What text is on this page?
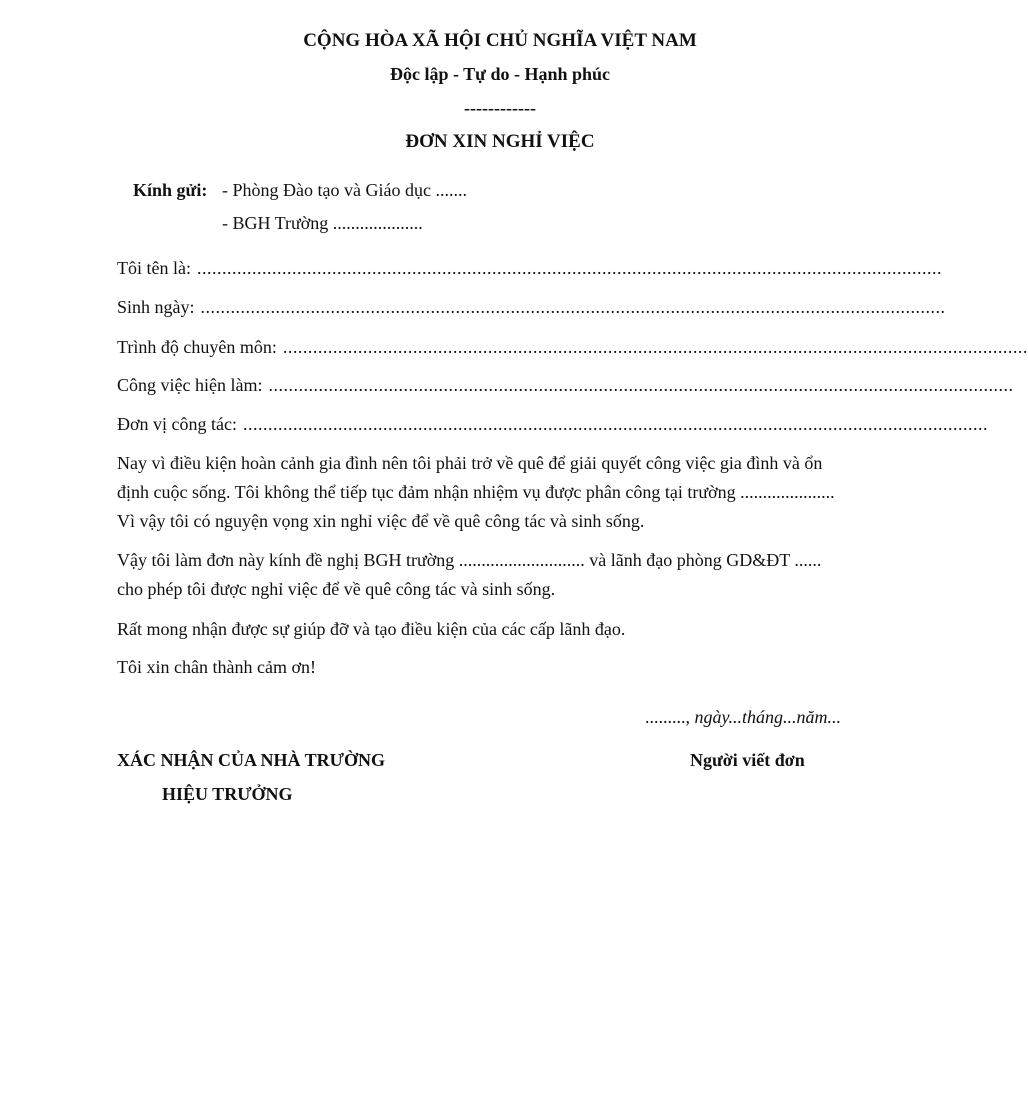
CỘNG HÒA XÃ HỘI CHỦ NGHĨA VIỆT NAM
Độc lập - Tự do - Hạnh phúc
------------
ĐƠN XIN NGHỈ VIỆC
Kính gửi: - Phòng Đào tạo và Giáo dục .......
- BGH Trường ....................
Tôi tên là: .....................................................................................................................................................
Sinh ngày: .....................................................................................................................................................
Trình độ chuyên môn: .....................................................................................................................................................
Công việc hiện làm: .....................................................................................................................................................
Đơn vị công tác: .....................................................................................................................................................
Nay vì điều kiện hoàn cảnh gia đình nên tôi phải trở về quê để giải quyết công việc gia đình và ổn
định cuộc sống. Tôi không thể tiếp tục đảm nhận nhiệm vụ được phân công tại trường .....................
Vì vậy tôi có nguyện vọng xin nghỉ việc để về quê công tác và sinh sống.
Vậy tôi làm đơn này kính đề nghị BGH trường ............................ và lãnh đạo phòng GD&ĐT ......
cho phép tôi được nghỉ việc để về quê công tác và sinh sống.
Rất mong nhận được sự giúp đỡ và tạo điều kiện của các cấp lãnh đạo.
Tôi xin chân thành cảm ơn!
........., ngày...tháng...năm...
XÁC NHẬN CỦA NHÀ TRƯỜNG
HIỆU TRƯỞNG
Người viết đơn
